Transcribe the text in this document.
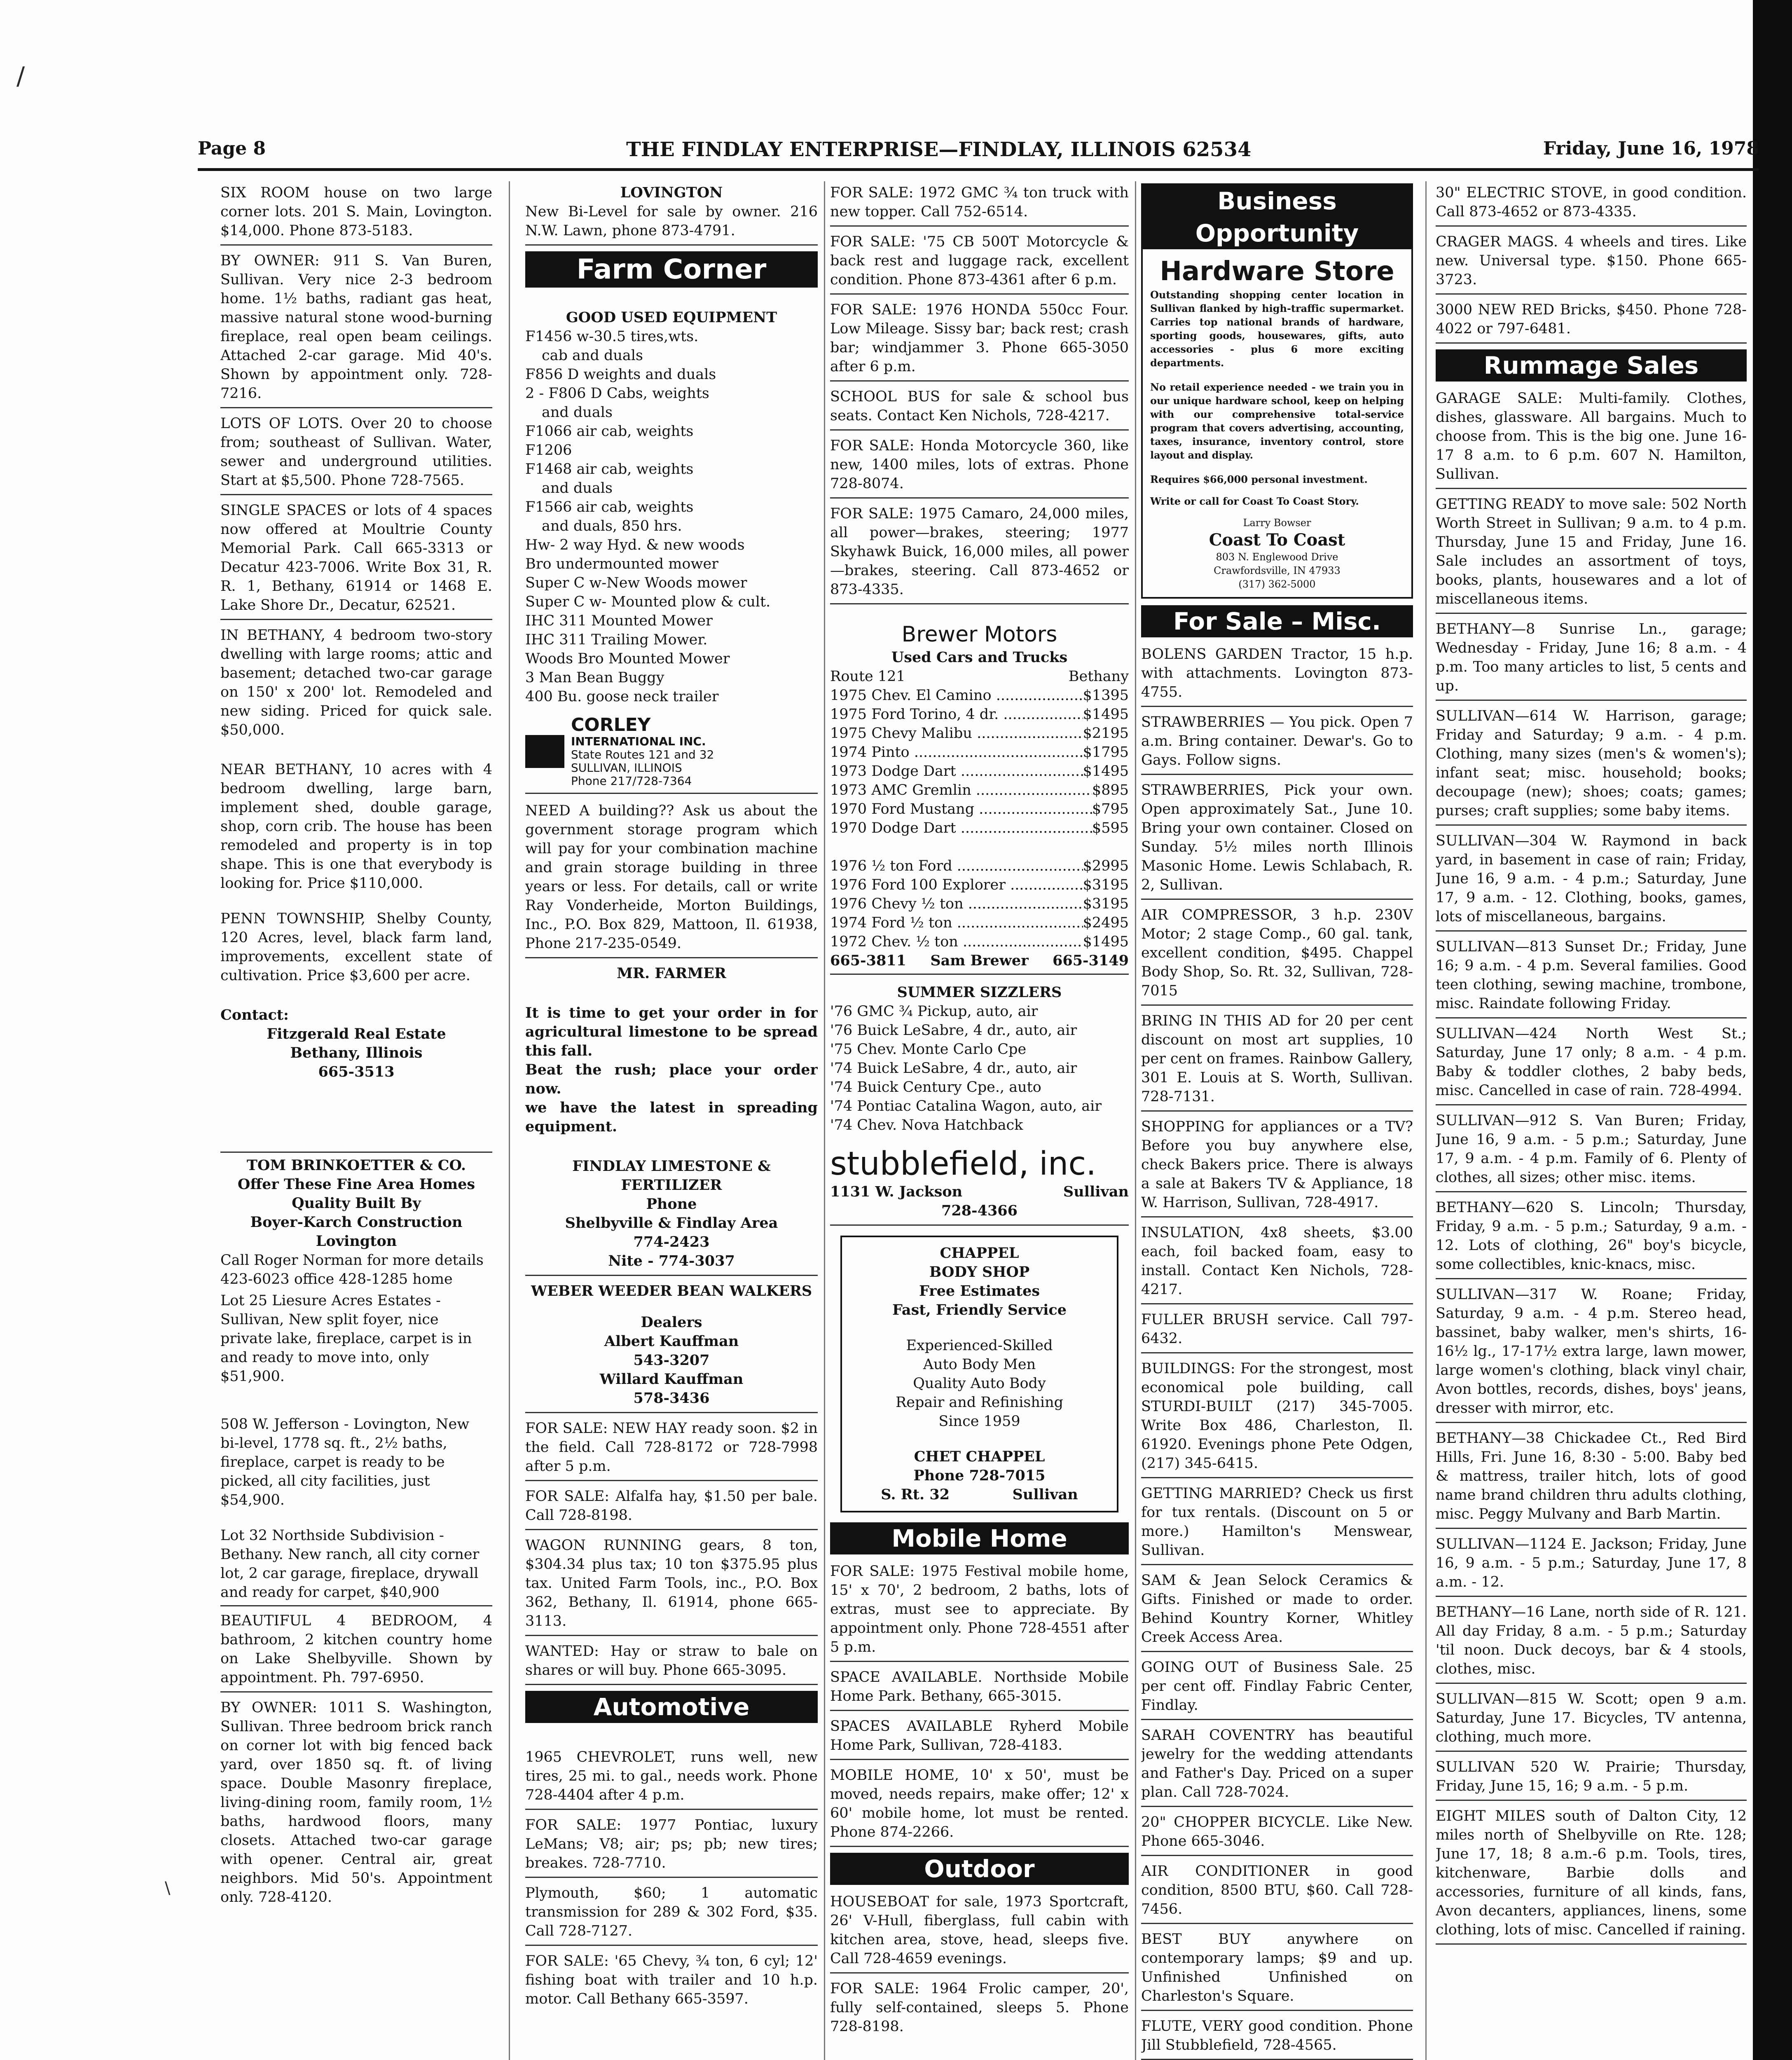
/
\
Page 8	THE FINDLAY ENTERPRISE—FINDLAY, ILLINOIS 62534	Friday, June 16, 1978
SIX ROOM house on two large corner lots. 201 S. Main, Lovington. $14,000. Phone 873-5183.
BY OWNER: 911 S. Van Buren, Sullivan. Very nice 2-3 bedroom home. 1½ baths, radiant gas heat, massive natural stone wood-burning fireplace, real open beam ceilings. Attached 2-car garage. Mid 40's. Shown by appointment only. 728-7216.
LOTS OF LOTS. Over 20 to choose from; southeast of Sullivan. Water, sewer and underground utilities. Start at $5,500. Phone 728-7565.
SINGLE SPACES or lots of 4 spaces now offered at Moultrie County Memorial Park. Call 665-3313 or Decatur 423-7006. Write Box 31, R. R. 1, Bethany, 61914 or 1468 E. Lake Shore Dr., Decatur, 62521.
IN BETHANY, 4 bedroom two-story dwelling with large rooms; attic and basement; detached two-car garage on 150' x 200' lot. Remodeled and new siding. Priced for quick sale. $50,000.
NEAR BETHANY, 10 acres with 4 bedroom dwelling, large barn, implement shed, double garage, shop, corn crib. The house has been remodeled and property is in top shape. This is one that everybody is looking for. Price $110,000.
PENN TOWNSHIP, Shelby County, 120 Acres, level, black farm land, improvements, excellent state of cultivation. Price $3,600 per acre.
Contact:
Fitzgerald Real Estate
Bethany, Illinois
665-3513
TOM BRINKOETTER & CO.
Offer These Fine Area Homes
Quality Built By
Boyer-Karch Construction
Lovington
Call Roger Norman for more details
423-6023 office 428-1285 home
Lot 25 Liesure Acres Estates - Sullivan, New split foyer, nice private lake, fireplace, carpet is in and ready to move into, only $51,900.
508 W. Jefferson - Lovington, New bi-level, 1778 sq. ft., 2½ baths, fireplace, carpet is ready to be picked, all city facilities, just $54,900.
Lot 32 Northside Subdivision - Bethany. New ranch, all city corner lot, 2 car garage, fireplace, drywall and ready for carpet, $40,900
BEAUTIFUL 4 BEDROOM, 4 bathroom, 2 kitchen country home on Lake Shelbyville. Shown by appointment. Ph. 797-6950.
BY OWNER: 1011 S. Washington, Sullivan. Three bedroom brick ranch on corner lot with big fenced back yard, over 1850 sq. ft. of living space. Double Masonry fireplace, living-dining room, family room, 1½ baths, hardwood floors, many closets. Attached two-car garage with opener. Central air, great neighbors. Mid 50's. Appointment only. 728-4120.
LOVINGTON
New Bi-Level for sale by owner. 216 N.W. Lawn, phone 873-4791.
Farm Corner
GOOD USED EQUIPMENT
F1456 w-30.5 tires,wts.
cab and duals
F856 D weights and duals
2 - F806 D Cabs, weights
and duals
F1066 air cab, weights
F1206
F1468 air cab, weights
and duals
F1566 air cab, weights
and duals, 850 hrs.
Hw- 2 way Hyd. & new woods
Bro undermounted mower
Super C w-New Woods mower
Super C w- Mounted plow & cult.
IHC 311 Mounted Mower
IHC 311 Trailing Mower.
Woods Bro Mounted Mower
3 Man Bean Buggy
400 Bu. goose neck trailer
CORLEY
INTERNATIONAL INC.
State Routes 121 and 32
SULLIVAN, ILLINOIS
Phone 217/728-7364
NEED A building?? Ask us about the government storage program which will pay for your combination machine and grain storage building in three years or less. For details, call or write Ray Vonderheide, Morton Buildings, Inc., P.O. Box 829, Mattoon, Il. 61938, Phone 217-235-0549.
MR. FARMER
It is time to get your order in for agricultural limestone to be spread this fall.
Beat the rush; place your order now.
we have the latest in spreading equipment.
FINDLAY LIMESTONE & FERTILIZER
Phone
Shelbyville & Findlay Area
774-2423
Nite - 774-3037
WEBER WEEDER BEAN WALKERS
Dealers
Albert Kauffman
543-3207
Willard Kauffman
578-3436
FOR SALE: NEW HAY ready soon. $2 in the field. Call 728-8172 or 728-7998 after 5 p.m.
FOR SALE: Alfalfa hay, $1.50 per bale. Call 728-8198.
WAGON RUNNING gears, 8 ton, $304.34 plus tax; 10 ton $375.95 plus tax. United Farm Tools, inc., P.O. Box 362, Bethany, Il. 61914, phone 665-3113.
WANTED: Hay or straw to bale on shares or will buy. Phone 665-3095.
Automotive
1965 CHEVROLET, runs well, new tires, 25 mi. to gal., needs work. Phone 728-4404 after 4 p.m.
FOR SALE: 1977 Pontiac, luxury LeMans; V8; air; ps; pb; new tires; breakes. 728-7710.
Plymouth, $60; 1 automatic transmission for 289 & 302 Ford, $35. Call 728-7127.
FOR SALE: '65 Chevy, ¾ ton, 6 cyl; 12' fishing boat with trailer and 10 h.p. motor. Call Bethany 665-3597.
FOR SALE: 1972 GMC ¾ ton truck with new topper. Call 752-6514.
FOR SALE: '75 CB 500T Motorcycle & back rest and luggage rack, excellent condition. Phone 873-4361 after 6 p.m.
FOR SALE: 1976 HONDA 550cc Four. Low Mileage. Sissy bar; back rest; crash bar; windjammer 3. Phone 665-3050 after 6 p.m.
SCHOOL BUS for sale & school bus seats. Contact Ken Nichols, 728-4217.
FOR SALE: Honda Motorcycle 360, like new, 1400 miles, lots of extras. Phone 728-8074.
FOR SALE: 1975 Camaro, 24,000 miles, all power—brakes, steering; 1977 Skyhawk Buick, 16,000 miles, all power—brakes, steering. Call 873-4652 or 873-4335.
Brewer Motors
Used Cars and Trucks
Route 121	Bethany
1975 Chev. El Camino .....	$1395
1975 Ford Torino, 4 dr. .....	$1495
1975 Chevy Malibu .....	$2195
1974 Pinto .....	$1795
1973 Dodge Dart .....	$1495
1973 AMC Gremlin .....	$895
1970 Ford Mustang .....	$795
1970 Dodge Dart .....	$595
1976 ½ ton Ford .....	$2995
1976 Ford 100 Explorer .....	$3195
1976 Chevy ½ ton .....	$3195
1974 Ford ½ ton .....	$2495
1972 Chev. ½ ton .....	$1495
665-3811 Sam Brewer 665-3149
SUMMER SIZZLERS
'76 GMC ¾ Pickup, auto, air
'76 Buick LeSabre, 4 dr., auto, air
'75 Chev. Monte Carlo Cpe
'74 Buick LeSabre, 4 dr., auto, air
'74 Buick Century Cpe., auto
'74 Pontiac Catalina Wagon, auto, air
'74 Chev. Nova Hatchback
stubblefield, inc.
1131 W. Jackson	Sullivan
728-4366
CHAPPEL
BODY SHOP
Free Estimates
Fast, Friendly Service
Experienced-Skilled
Auto Body Men
Quality Auto Body
Repair and Refinishing
Since 1959
CHET CHAPPEL
Phone 728-7015
S. Rt. 32	Sullivan
Mobile Home
FOR SALE: 1975 Festival mobile home, 15' x 70', 2 bedroom, 2 baths, lots of extras, must see to appreciate. By appointment only. Phone 728-4551 after 5 p.m.
SPACE AVAILABLE. Northside Mobile Home Park. Bethany, 665-3015.
SPACES AVAILABLE Ryherd Mobile Home Park, Sullivan, 728-4183.
MOBILE HOME, 10' x 50', must be moved, needs repairs, make offer; 12' x 60' mobile home, lot must be rented. Phone 874-2266.
Outdoor
HOUSEBOAT for sale, 1973 Sportcraft, 26' V-Hull, fiberglass, full cabin with kitchen area, stove, head, sleeps five. Call 728-4659 evenings.
FOR SALE: 1964 Frolic camper, 20', fully self-contained, sleeps 5. Phone 728-8198.
Business Opportunity
Hardware Store
Outstanding shopping center location in Sullivan flanked by high-traffic supermarket. Carries top national brands of hardware, sporting goods, housewares, gifts, auto accessories - plus 6 more exciting departments.
No retail experience needed - we train you in our unique hardware school, keep on helping with our comprehensive total-service program that covers advertising, accounting, taxes, insurance, inventory control, store layout and display.
Requires $66,000 personal investment.
Write or call for Coast To Coast Story.
Larry Bowser
Coast To Coast
803 N. Englewood Drive
Crawfordsville, IN 47933
(317) 362-5000
For Sale – Misc.
BOLENS GARDEN Tractor, 15 h.p. with attachments. Lovington 873-4755.
STRAWBERRIES — You pick. Open 7 a.m. Bring container. Dewar's. Go to Gays. Follow signs.
STRAWBERRIES, Pick your own. Open approximately Sat., June 10. Bring your own container. Closed on Sunday. 5½ miles north Illinois Masonic Home. Lewis Schlabach, R. 2, Sullivan.
AIR COMPRESSOR, 3 h.p. 230V Motor; 2 stage Comp., 60 gal. tank, excellent condition, $495. Chappel Body Shop, So. Rt. 32, Sullivan, 728-7015
BRING IN THIS AD for 20 per cent discount on most art supplies, 10 per cent on frames. Rainbow Gallery, 301 E. Louis at S. Worth, Sullivan. 728-7131.
SHOPPING for appliances or a TV? Before you buy anywhere else, check Bakers price. There is always a sale at Bakers TV & Appliance, 18 W. Harrison, Sullivan, 728-4917.
INSULATION, 4x8 sheets, $3.00 each, foil backed foam, easy to install. Contact Ken Nichols, 728-4217.
FULLER BRUSH service. Call 797-6432.
BUILDINGS: For the strongest, most economical pole building, call STURDI-BUILT (217) 345-7005. Write Box 486, Charleston, Il. 61920. Evenings phone Pete Odgen, (217) 345-6415.
GETTING MARRIED? Check us first for tux rentals. (Discount on 5 or more.) Hamilton's Menswear, Sullivan.
SAM & Jean Selock Ceramics & Gifts. Finished or made to order. Behind Kountry Korner, Whitley Creek Access Area.
GOING OUT of Business Sale. 25 per cent off. Findlay Fabric Center, Findlay.
SARAH COVENTRY has beautiful jewelry for the wedding attendants and Father's Day. Priced on a super plan. Call 728-7024.
20" CHOPPER BICYCLE. Like New. Phone 665-3046.
AIR CONDITIONER in good condition, 8500 BTU, $60. Call 728-7456.
BEST BUY anywhere on contemporary lamps; $9 and up. Unfinished Unfinished on Charleston's Square.
FLUTE, VERY good condition. Phone Jill Stubblefield, 728-4565.
30" ELECTRIC STOVE, in good condition. Call 873-4652 or 873-4335.
CRAGER MAGS. 4 wheels and tires. Like new. Universal type. $150. Phone 665-3723.
3000 NEW RED Bricks, $450. Phone 728-4022 or 797-6481.
Rummage Sales
GARAGE SALE: Multi-family. Clothes, dishes, glassware. All bargains. Much to choose from. This is the big one. June 16-17 8 a.m. to 6 p.m. 607 N. Hamilton, Sullivan.
GETTING READY to move sale: 502 North Worth Street in Sullivan; 9 a.m. to 4 p.m. Thursday, June 15 and Friday, June 16. Sale includes an assortment of toys, books, plants, housewares and a lot of miscellaneous items.
BETHANY—8 Sunrise Ln., garage; Wednesday - Friday, June 16; 8 a.m. - 4 p.m. Too many articles to list, 5 cents and up.
SULLIVAN—614 W. Harrison, garage; Friday and Saturday; 9 a.m. - 4 p.m. Clothing, many sizes (men's & women's); infant seat; misc. household; books; decoupage (new); shoes; coats; games; purses; craft supplies; some baby items.
SULLIVAN—304 W. Raymond in back yard, in basement in case of rain; Friday, June 16, 9 a.m. - 4 p.m.; Saturday, June 17, 9 a.m. - 12. Clothing, books, games, lots of miscellaneous, bargains.
SULLIVAN—813 Sunset Dr.; Friday, June 16; 9 a.m. - 4 p.m. Several families. Good teen clothing, sewing machine, trombone, misc. Raindate following Friday.
SULLIVAN—424 North West St.; Saturday, June 17 only; 8 a.m. - 4 p.m. Baby & toddler clothes, 2 baby beds, misc. Cancelled in case of rain. 728-4994.
SULLIVAN—912 S. Van Buren; Friday, June 16, 9 a.m. - 5 p.m.; Saturday, June 17, 9 a.m. - 4 p.m. Family of 6. Plenty of clothes, all sizes; other misc. items.
BETHANY—620 S. Lincoln; Thursday, Friday, 9 a.m. - 5 p.m.; Saturday, 9 a.m. - 12. Lots of clothing, 26" boy's bicycle, some collectibles, knic-knacs, misc.
SULLIVAN—317 W. Roane; Friday, Saturday, 9 a.m. - 4 p.m. Stereo head, bassinet, baby walker, men's shirts, 16-16½ lg., 17-17½ extra large, lawn mower, large women's clothing, black vinyl chair, Avon bottles, records, dishes, boys' jeans, dresser with mirror, etc.
BETHANY—38 Chickadee Ct., Red Bird Hills, Fri. June 16, 8:30 - 5:00. Baby bed & mattress, trailer hitch, lots of good name brand children thru adults clothing, misc. Peggy Mulvany and Barb Martin.
SULLIVAN—1124 E. Jackson; Friday, June 16, 9 a.m. - 5 p.m.; Saturday, June 17, 8 a.m. - 12.
BETHANY—16 Lane, north side of R. 121. All day Friday, 8 a.m. - 5 p.m.; Saturday 'til noon. Duck decoys, bar & 4 stools, clothes, misc.
SULLIVAN—815 W. Scott; open 9 a.m. Saturday, June 17. Bicycles, TV antenna, clothing, much more.
SULLIVAN 520 W. Prairie; Thursday, Friday, June 15, 16; 9 a.m. - 5 p.m.
EIGHT MILES south of Dalton City, 12 miles north of Shelbyville on Rte. 128; June 17, 18; 8 a.m.-6 p.m. Tools, tires, kitchenware, Barbie dolls and accessories, furniture of all kinds, fans, Avon decanters, appliances, linens, some clothing, lots of misc. Cancelled if raining.
